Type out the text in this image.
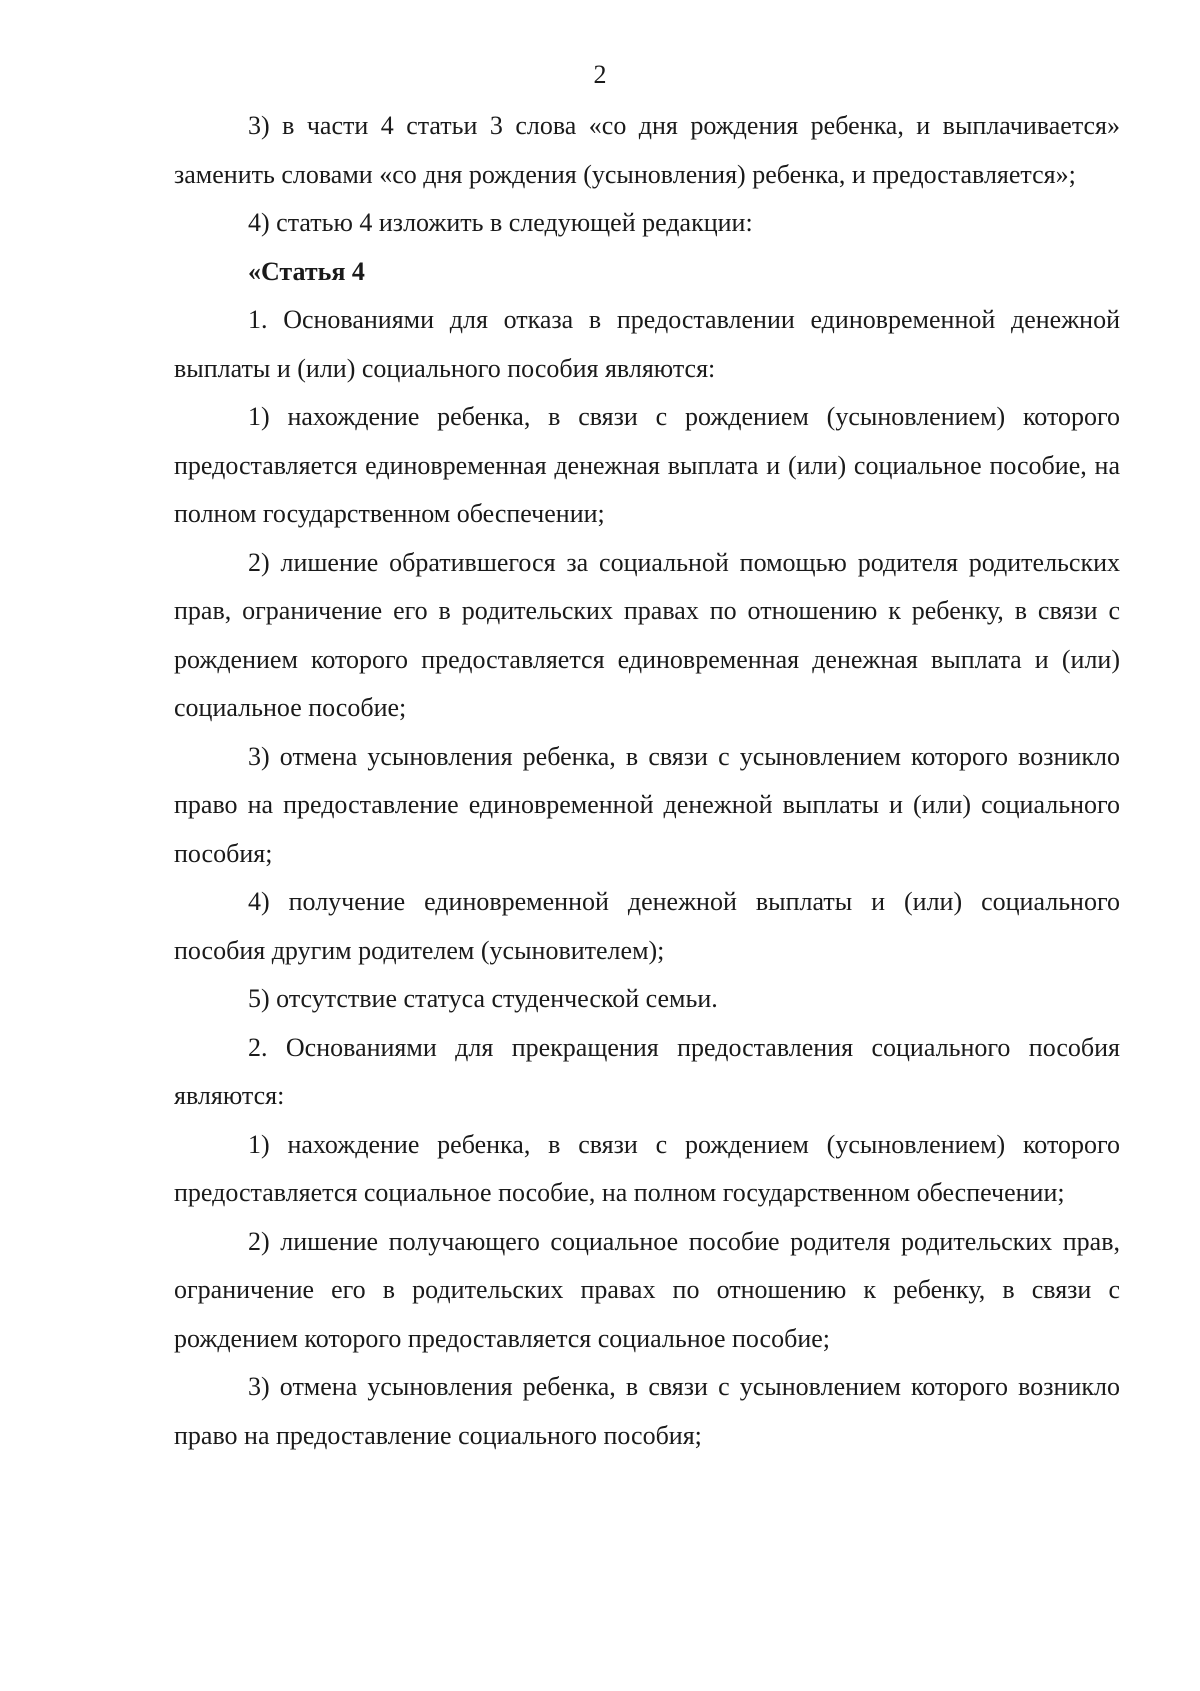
2

3) в части 4 статьи 3 слова «со дня рождения ребенка, и выплачивается» заменить словами «со дня рождения (усыновления) ребенка, и предоставляется»;

4) статью 4 изложить в следующей редакции:

«Статья 4

1. Основаниями для отказа в предоставлении единовременной денежной выплаты и (или) социального пособия являются:

1) нахождение ребенка, в связи с рождением (усыновлением) которого предоставляется единовременная денежная выплата и (или) социальное пособие, на полном государственном обеспечении;

2) лишение обратившегося за социальной помощью родителя родительских прав, ограничение его в родительских правах по отношению к ребенку, в связи с рождением которого предоставляется единовременная денежная выплата и (или) социальное пособие;

3) отмена усыновления ребенка, в связи с усыновлением которого возникло право на предоставление единовременной денежной выплаты и (или) социального пособия;

4) получение единовременной денежной выплаты и (или) социального пособия другим родителем (усыновителем);

5) отсутствие статуса студенческой семьи.

2. Основаниями для прекращения предоставления социального пособия являются:

1) нахождение ребенка, в связи с рождением (усыновлением) которого предоставляется социальное пособие, на полном государственном обеспечении;

2) лишение получающего социальное пособие родителя родительских прав, ограничение его в родительских правах по отношению к ребенку, в связи с рождением которого предоставляется социальное пособие;

3) отмена усыновления ребенка, в связи с усыновлением которого возникло право на предоставление социального пособия;
